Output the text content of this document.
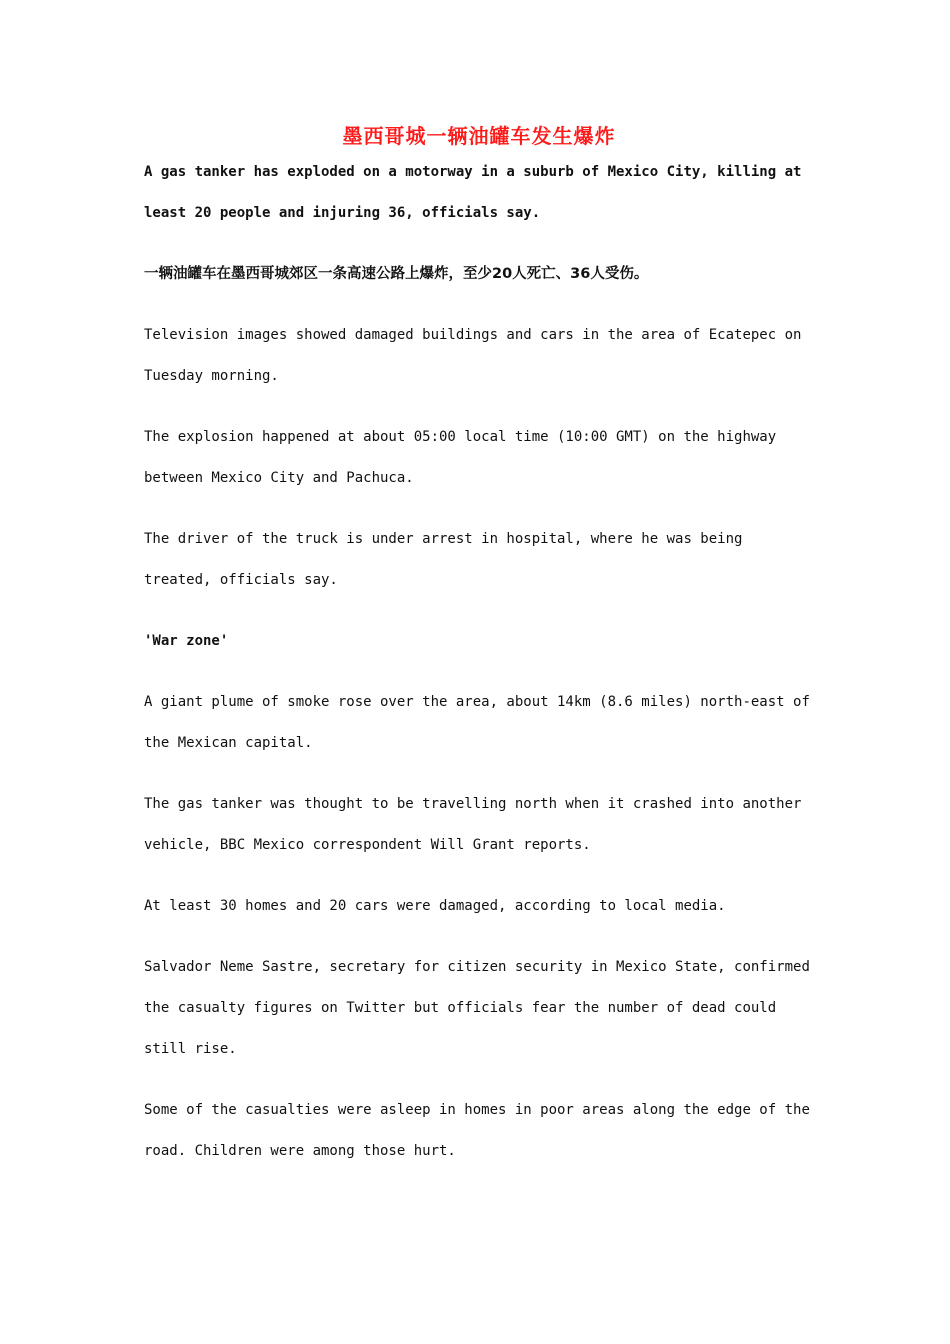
墨西哥城一辆油罐车发生爆炸

A gas tanker has exploded on a motorway in a suburb of Mexico City, killing at least 20 people and injuring 36, officials say.

一辆油罐车在墨西哥城郊区一条高速公路上爆炸，至少20人死亡、36人受伤。

Television images showed damaged buildings and cars in the area of Ecatepec on Tuesday morning.

The explosion happened at about 05:00 local time (10:00 GMT) on the highway between Mexico City and Pachuca.

The driver of the truck is under arrest in hospital, where he was being treated, officials say.

'War zone'

A giant plume of smoke rose over the area, about 14km (8.6 miles) north-east of the Mexican capital.

The gas tanker was thought to be travelling north when it crashed into another vehicle, BBC Mexico correspondent Will Grant reports.

At least 30 homes and 20 cars were damaged, according to local media.

Salvador Neme Sastre, secretary for citizen security in Mexico State, confirmed the casualty figures on Twitter but officials fear the number of dead could still rise.

Some of the casualties were asleep in homes in poor areas along the edge of the road. Children were among those hurt.
